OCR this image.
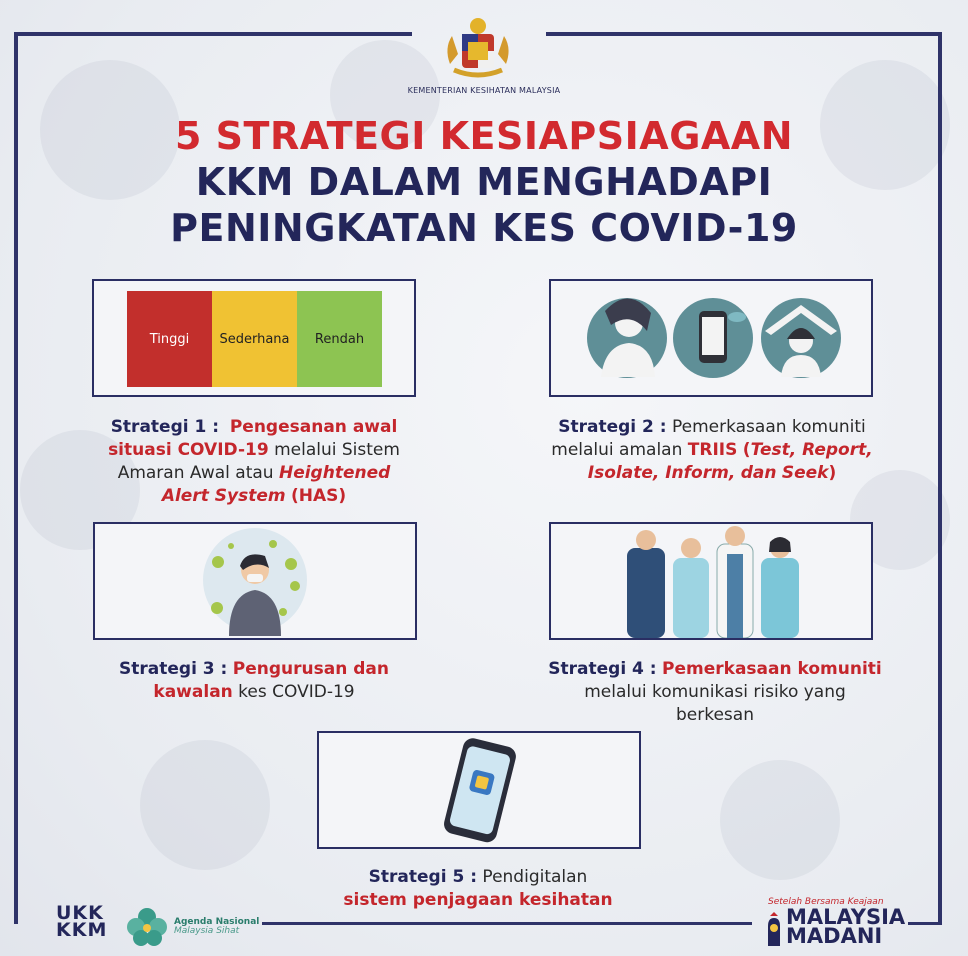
KEMENTERIAN KESIHATAN MALAYSIA
5 STRATEGI KESIAPSIAGAAN
KKM DALAM MENGHADAPI
PENINGKATAN KES COVID-19
Tinggi Sederhana Rendah
Strategi 1 : Pengesanan awal
situasi COVID-19 melalui Sistem
Amaran Awal atau Heightened
Alert System (HAS)
Strategi 2 : Pemerkasaan komuniti
melalui amalan TRIIS (Test, Report,
Isolate, Inform, dan Seek)
Strategi 3 : Pengurusan dan
kawalan kes COVID-19
Strategi 4 : Pemerkasaan komuniti
melalui komunikasi risiko yang
berkesan
Strategi 5 : Pendigitalan
sistem penjagaan kesihatan
UKK
KKM	Agenda Nasional
Malaysia Sihat
Setelah Bersama Keajaan
MALAYSIA
MADANI
